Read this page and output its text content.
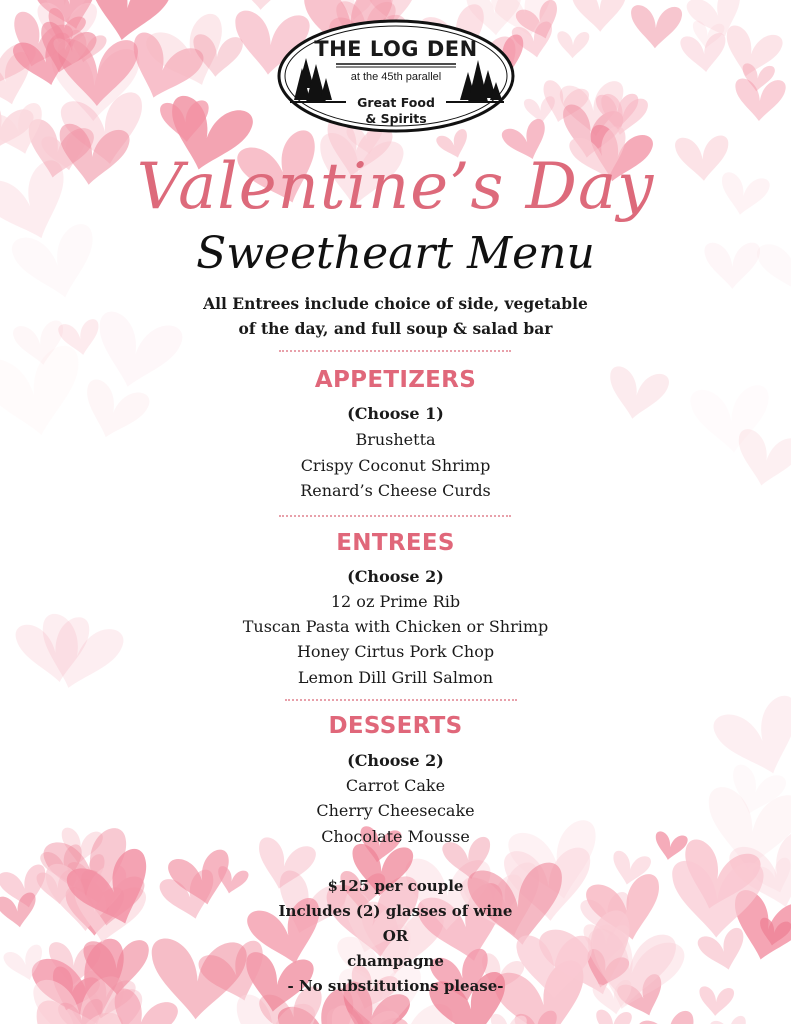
THE LOG DEN
at the 45th parallel
Great Food
& Spirits
Valentine’s Day
Sweetheart Menu
All Entrees include choice of side, vegetable
of the day, and full soup & salad bar
APPETIZERS
(Choose 1)
Brushetta
Crispy Coconut Shrimp
Renard’s Cheese Curds
ENTREES
(Choose 2)
12 oz Prime Rib
Tuscan Pasta with Chicken or Shrimp
Honey Cirtus Pork Chop
Lemon Dill Grill Salmon
DESSERTS
(Choose 2)
Carrot Cake
Cherry Cheesecake
Chocolate Mousse
$125 per couple
Includes (2) glasses of wine
OR
champagne
- No substitutions please-
